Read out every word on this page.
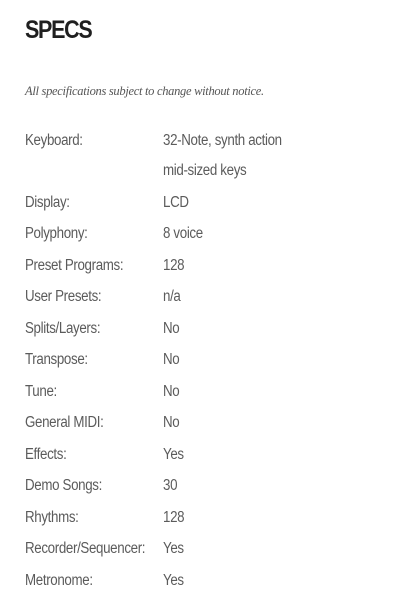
SPECS

All specifications subject to change without notice.

Keyboard:	32-Note, synth action
mid-sized keys
Display:	LCD
Polyphony:	8 voice
Preset Programs:	128
User Presets:	n/a
Splits/Layers:	No
Transpose:	No
Tune:	No
General MIDI:	No
Effects:	Yes
Demo Songs:	30
Rhythms:	128
Recorder/Sequencer: Yes
Metronome:	Yes
